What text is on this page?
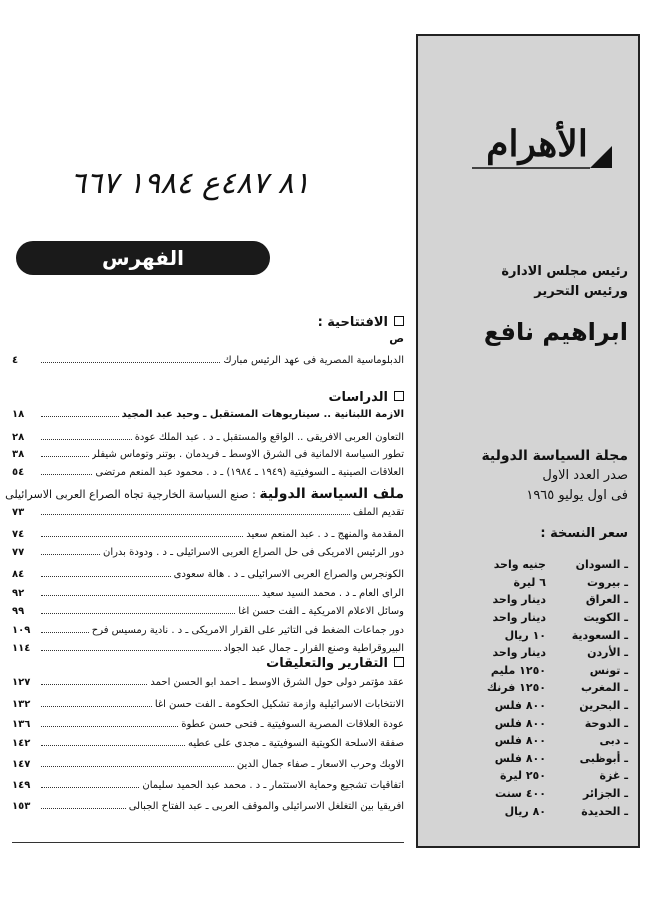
٨١ ٤٨٧ع ١٩٨٤ ٦٦٧
الفهرس
الافتتاحية :
ص
الدبلوماسية المصرية فى عهد الرئيس مبارك
٤
الدراسات
الازمة اللبنانية .. سيناريوهات المستقبل ـ وحيد عبد المجيد
١٨
التعاون العربى الافريقى .. الواقع والمستقبل ـ د . عبد الملك عودة
٢٨
تطور السياسة الالمانية فى الشرق الاوسط ـ فريدمان . بوتنر وتوماس شيفلر
٣٨
العلاقات الصينية ـ السوفيتية (١٩٤٩ ـ ١٩٨٤) ـ د . محمود عبد المنعم مرتضى
٥٤
ملف السياسة الدولية : صنع السياسة الخارجية تجاه الصراع العربى الاسرائيلى
تقديم الملف
٧٣
المقدمة والمنهج ـ د . عبد المنعم سعيد
٧٤
دور الرئيس الامريكى فى حل الصراع العربى الاسرائيلى ـ د . ودودة بدران
٧٧
الكونجرس والصراع العربى الاسرائيلى ـ د . هالة سعودى
٨٤
الرأى العام ـ د . محمد السيد سعيد
٩٢
وسائل الاعلام الامريكية ـ الفت حسن اغا
٩٩
دور جماعات الضغط فى التأثير على القرار الامريكى ـ د . نادية رمسيس فرح
١٠٩
البيروقراطية وصنع القرار ـ جمال عبد الجواد
١١٤
التقارير والتعليقات
عقد مؤتمر دولى حول الشرق الاوسط ـ احمد ابو الحسن احمد
١٢٧
الانتخابات الاسرائيلية وازمة تشكيل الحكومة ـ الفت حسن اغا
١٣٢
عودة العلاقات المصرية السوفيتية ـ فتحى حسن عطوة
١٣٦
صفقة الاسلحة الكويتية السوفيتية ـ مجدى على عطيه
١٤٢
الاوبك وحرب الاسعار ـ صفاء جمال الدين
١٤٧
اتفاقيات تشجيع وحماية الاستثمار ـ د . محمد عبد الحميد سليمان
١٤٩
افريقيا بين التغلغل الاسرائيلى والموقف العربى ـ عبد الفتاح الجبالى
١٥٣
الأهرام
رئيس مجلس الادارة
ورئيس التحرير
ابراهيم نافع
مجلة السياسة الدولية
صدر العدد الاول
فى اول يوليو ١٩٦٥
سعر النسخة :
ـ السودان
جنيه واحد
ـ بيروت
٦ ليرة
ـ العراق
دينار واحد
ـ الكويت
دينار واحد
ـ السعودية
١٠ ريال
ـ الأردن
دينار واحد
ـ تونس
١٢٥٠ مليم
ـ المغرب
١٢٥٠ فرنك
ـ البحرين
٨٠٠ فلس
ـ الدوحة
٨٠٠ فلس
ـ دبى
٨٠٠ فلس
ـ أبوظبى
٨٠٠ فلس
ـ غزة
٢٥٠ ليرة
ـ الجزائر
٤٠٠ سنت
ـ الحديدة
٨٠ ريال
